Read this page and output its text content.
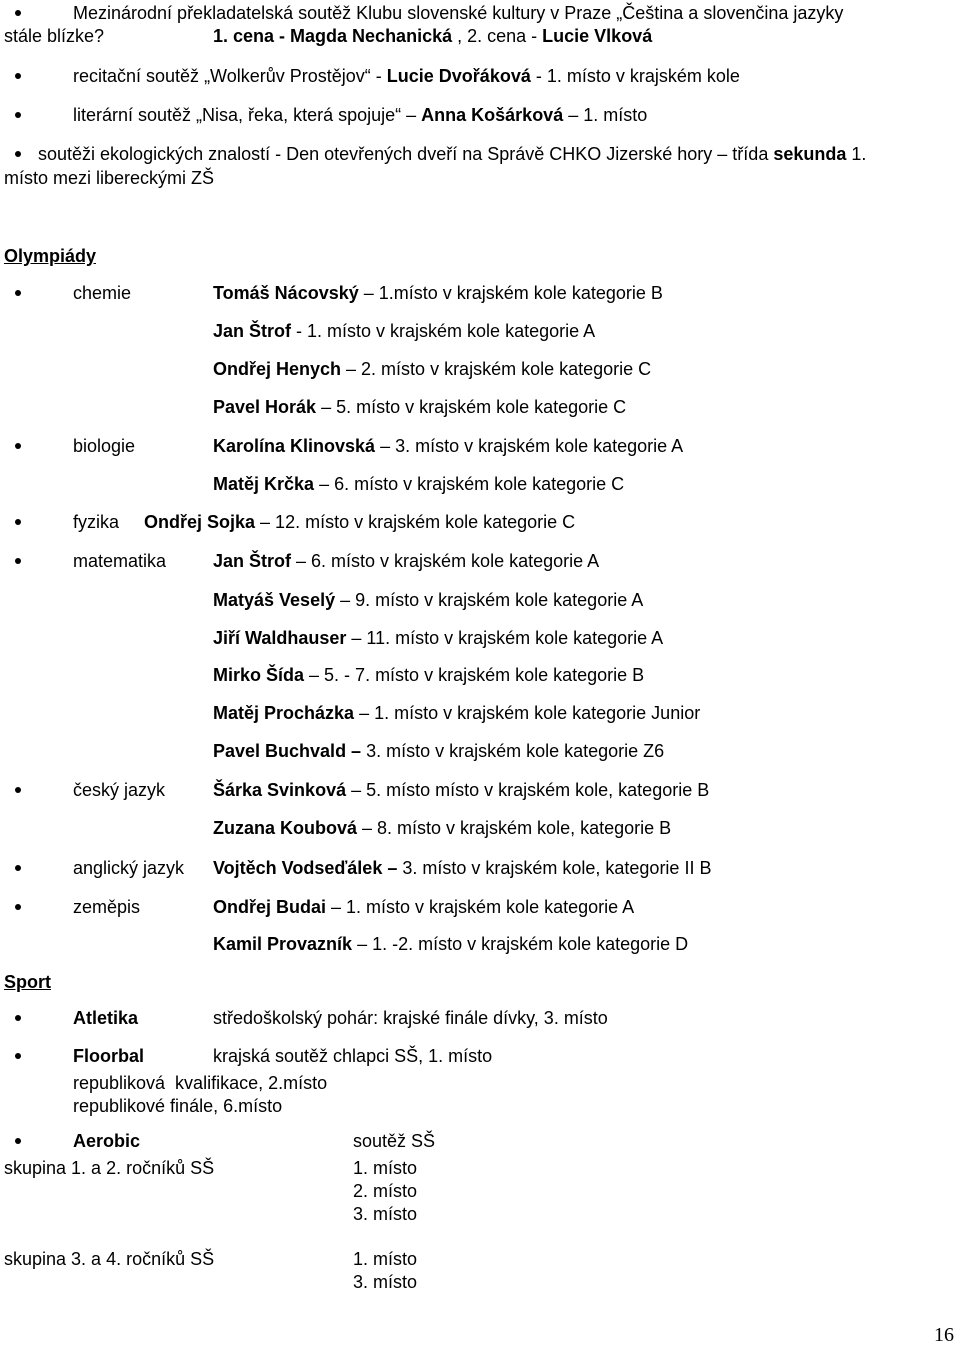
Mezinárodní překladatelská soutěž Klubu slovenské kultury v Praze „Čeština a slovenčina jazyky
stále blízke?	1. cena - Magda Nechanická , 2. cena - Lucie Vlková
recitační soutěž „Wolkerův Prostějov“ - Lucie Dvořáková - 1. místo v krajském kole
literární soutěž „Nisa, řeka, která spojuje“ – Anna Košárková – 1. místo
soutěži ekologických znalostí - Den otevřených dveří na Správě CHKO Jizerské hory – třída sekunda 1.
místo mezi libereckými ZŠ
Olympiády
chemie	Tomáš Nácovský – 1.místo v krajském kole kategorie B
Jan Štrof - 1. místo v krajském kole kategorie A
Ondřej Henych – 2. místo v krajském kole kategorie C
Pavel Horák – 5. místo v krajském kole kategorie C
biologie	Karolína Klinovská – 3. místo v krajském kole kategorie A
Matěj Krčka – 6. místo v krajském kole kategorie C
fyzika Ondřej Sojka – 12. místo v krajském kole kategorie C
matematika	Jan Štrof – 6. místo v krajském kole kategorie A
Matyáš Veselý – 9. místo v krajském kole kategorie A
Jiří Waldhauser – 11. místo v krajském kole kategorie A
Mirko Šída – 5. - 7. místo v krajském kole kategorie B
Matěj Procházka – 1. místo v krajském kole kategorie Junior
Pavel Buchvald – 3. místo v krajském kole kategorie Z6
český jazyk	Šárka Svinková – 5. místo místo v krajském kole, kategorie B
Zuzana Koubová – 8. místo v krajském kole, kategorie B
anglický jazyk Vojtěch Vodseďálek – 3. místo v krajském kole, kategorie II B
zeměpis	Ondřej Budai – 1. místo v krajském kole kategorie A
Kamil Provazník – 1. -2. místo v krajském kole kategorie D
Sport
Atletika	středoškolský pohár: krajské finále dívky, 3. místo
Floorbal	krajská soutěž chlapci SŠ, 1. místo
republiková  kvalifikace, 2.místo
republikové finále, 6.místo
Aerobic	soutěž SŠ
skupina 1. a 2. ročníků SŠ	1. místo
2. místo
3. místo
skupina 3. a 4. ročníků SŠ	1. místo
3. místo
16
